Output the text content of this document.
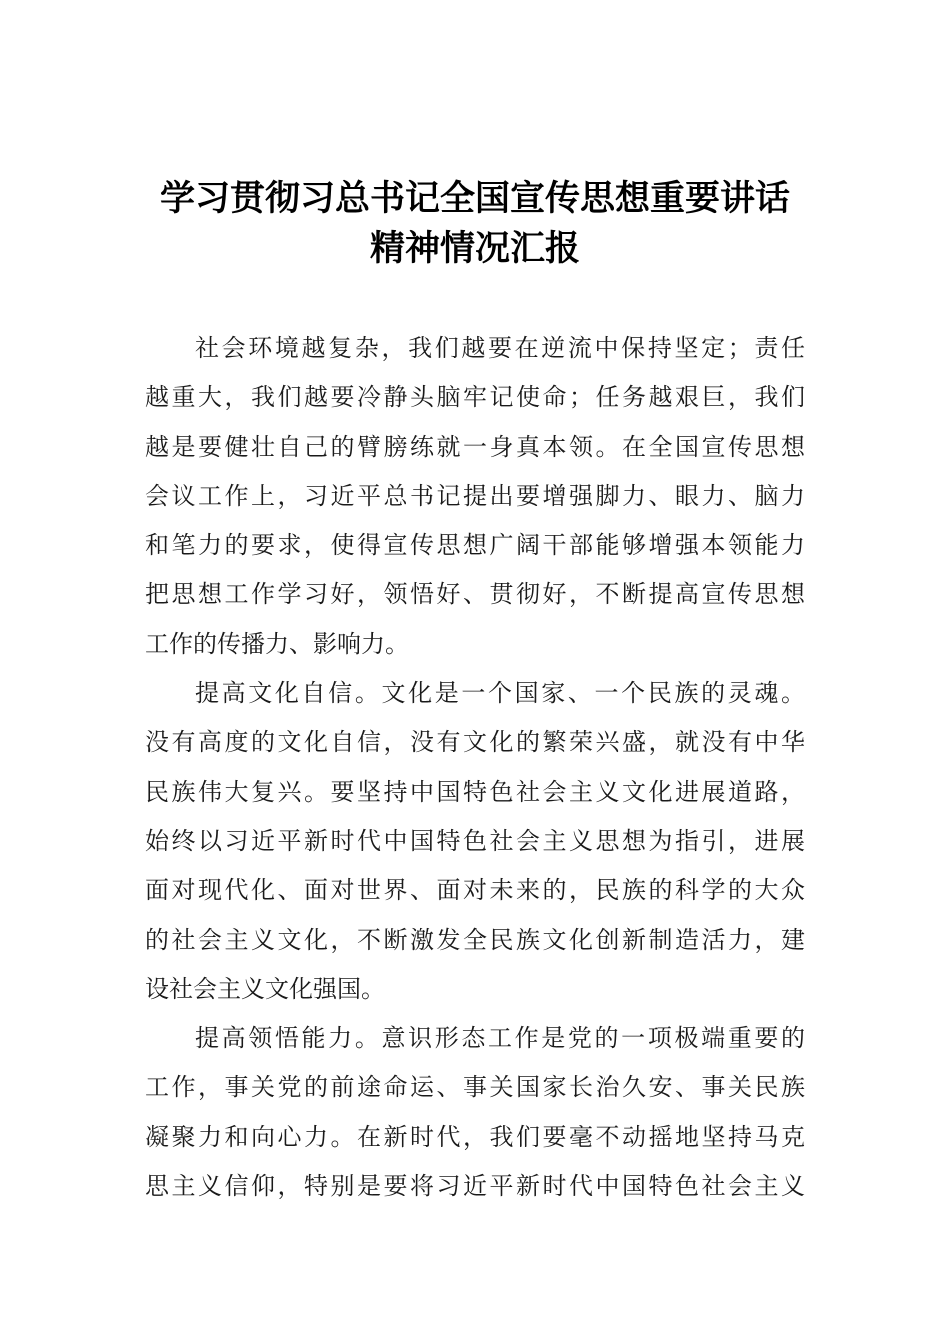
学习贯彻习总书记全国宣传思想重要讲话
精神情况汇报
社会环境越复杂，我们越要在逆流中保持坚定；责任
越重大，我们越要冷静头脑牢记使命；任务越艰巨，我们
越是要健壮自己的臂膀练就一身真本领。在全国宣传思想
会议工作上，习近平总书记提出要增强脚力、眼力、脑力
和笔力的要求，使得宣传思想广阔干部能够增强本领能力
把思想工作学习好，领悟好、贯彻好，不断提高宣传思想
工作的传播力、影响力。
提高文化自信。文化是一个国家、一个民族的灵魂。
没有高度的文化自信，没有文化的繁荣兴盛，就没有中华
民族伟大复兴。要坚持中国特色社会主义文化进展道路，
始终以习近平新时代中国特色社会主义思想为指引，进展
面对现代化、面对世界、面对未来的，民族的科学的大众
的社会主义文化，不断激发全民族文化创新制造活力，建
设社会主义文化强国。
提高领悟能力。意识形态工作是党的一项极端重要的
工作，事关党的前途命运、事关国家长治久安、事关民族
凝聚力和向心力。在新时代，我们要毫不动摇地坚持马克
思主义信仰，特别是要将习近平新时代中国特色社会主义
